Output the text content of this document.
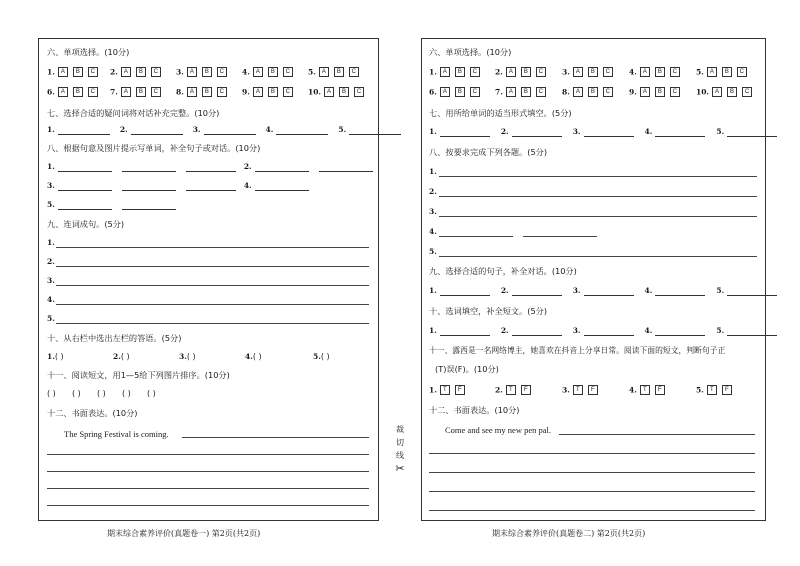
六、单项选择。(10分)
1. A B C 2. A B C 3. A B C 4. A B C 5. A B C
6. A B C 7. A B C 8. A B C 9. A B C 10. A B C
七、选择合适的疑问词将对话补充完整。(10分)
1.	2.	3.	4.	5.
八、根据句意及图片提示写单词，补全句子或对话。(10分)
1.	2.
3.	4.
5.
九、连词成句。(5分)
1.
2.
3.
4.
5.
十、从右栏中选出左栏的答语。(5分)
1.( )	2.( )	3.( )	4.( )	5.( )
十一、阅读短文，用1—5给下列图片排序。(10分)
( ) ( ) ( ) ( ) ( )
十二、书面表达。(10分)
The Spring Festival is coming.
六、单项选择。(10分)
1. A B C 2. A B C	3. A B C	4. A B C	5. A B C
6. A B C 7. A B C	8. A B C	9. A B C	10. A B C
七、用所给单词的适当形式填空。(5分)
1.	2.	3.	4.	5.
八、按要求完成下列各题。(5分)
1.
2.
3.
4.
5.
九、选择合适的句子，补全对话。(10分)
1.	2.	3.	4.	5.
十、选词填空，补全短文。(5分)
1.	2.	3.	4.	5.
十一、露西是一名网络博主，她喜欢在抖音上分享日常。阅读下面的短文，判断句子正
(T)误(F)。(10分)
1. T F	2. T F	3. T F	4. T F	5. T F
十二、书面表达。(10分)
Come and see my new pen pal.
裁
切
线
✂
期末综合素养评价(真题卷一) 第2页(共2页)	期末综合素养评价(真题卷二) 第2页(共2页)
